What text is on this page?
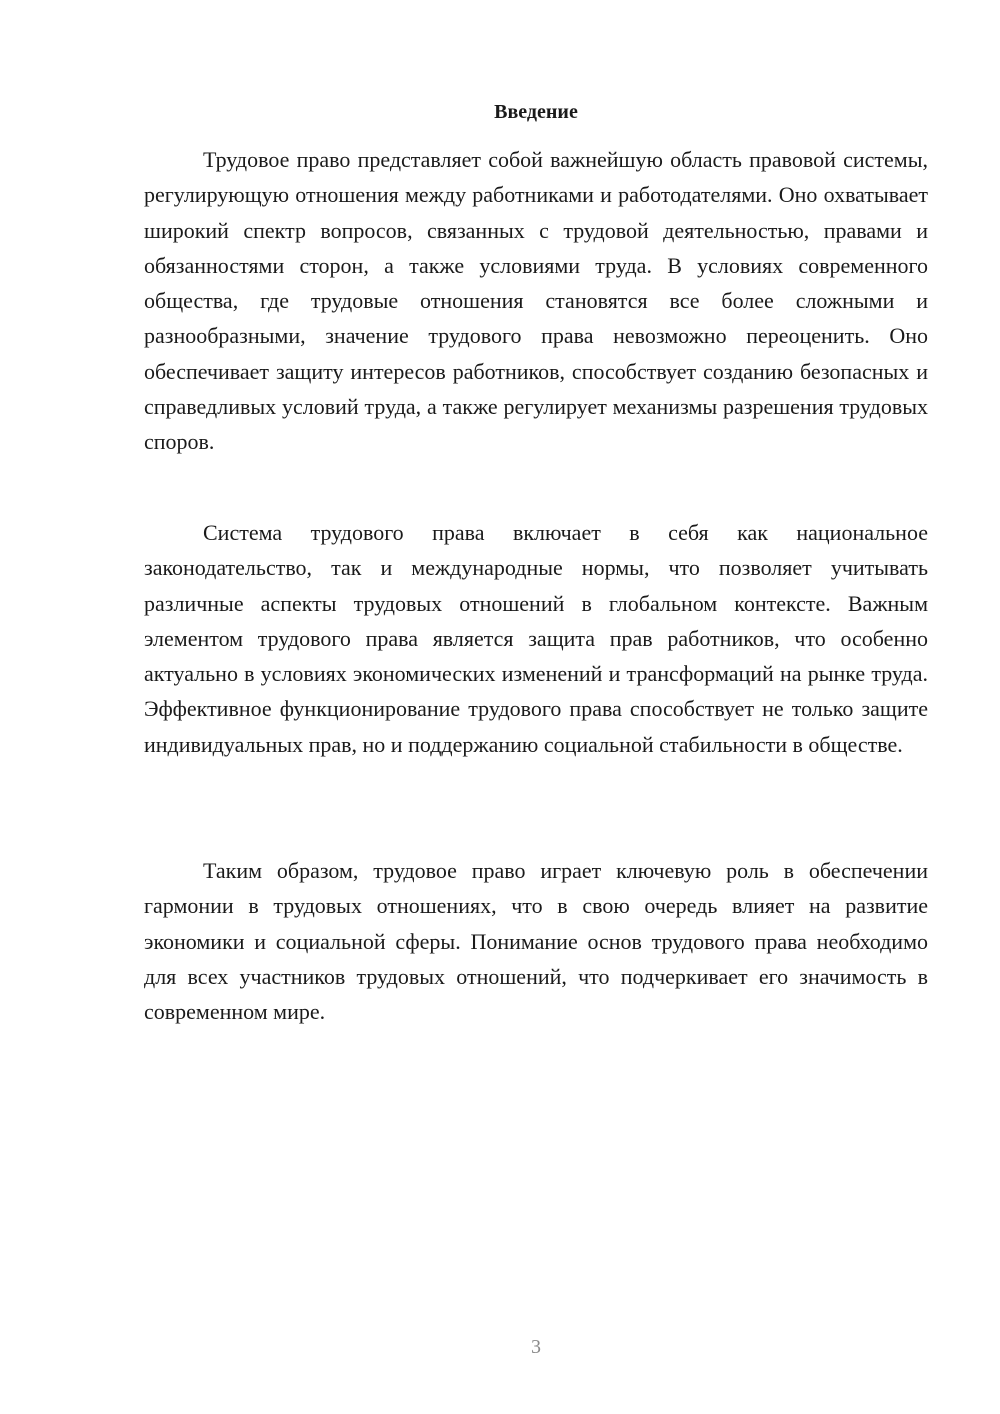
Введение

Трудовое право представляет собой важнейшую область правовой системы, регулирующую отношения между работниками и работодателями. Оно охватывает широкий спектр вопросов, связанных с трудовой деятельностью, правами и обязанностями сторон, а также условиями труда. В условиях современного общества, где трудовые отношения становятся все более сложными и разнообразными, значение трудового права невозможно переоценить. Оно обеспечивает защиту интересов работников, способствует созданию безопасных и справедливых условий труда, а также регулирует механизмы разрешения трудовых споров.

Система трудового права включает в себя как национальное законодательство, так и международные нормы, что позволяет учитывать различные аспекты трудовых отношений в глобальном контексте. Важным элементом трудового права является защита прав работников, что особенно актуально в условиях экономических изменений и трансформаций на рынке труда. Эффективное функционирование трудового права способствует не только защите индивидуальных прав, но и поддержанию социальной стабильности в обществе.

Таким образом, трудовое право играет ключевую роль в обеспечении гармонии в трудовых отношениях, что в свою очередь влияет на развитие экономики и социальной сферы. Понимание основ трудового права необходимо для всех участников трудовых отношений, что подчеркивает его значимость в современном мире.

3
